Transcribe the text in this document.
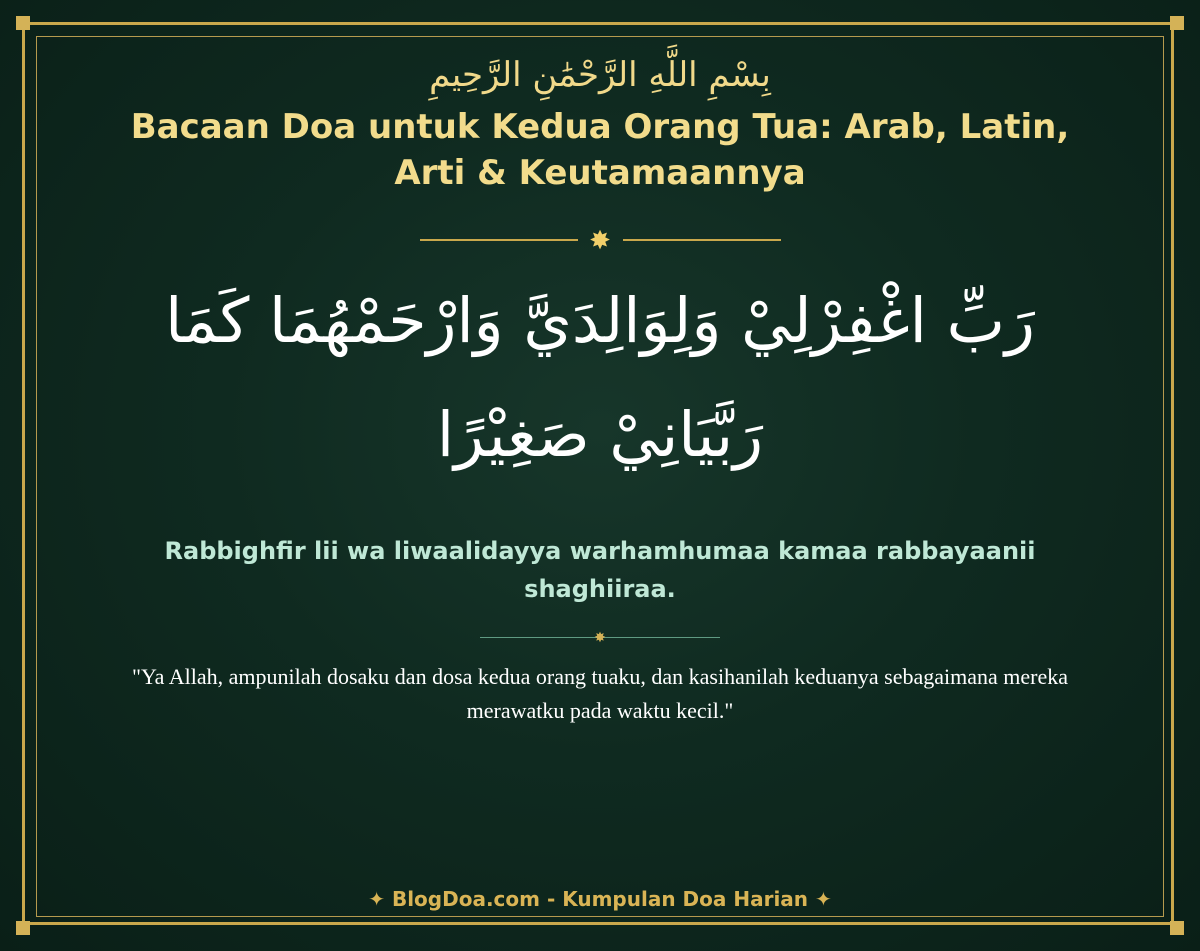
بِسْمِ اللَّهِ الرَّحْمَٰنِ الرَّحِيمِ
Bacaan Doa untuk Kedua Orang Tua: Arab, Latin, Arti & Keutamaannya
✸
رَبِّ اغْفِرْلِيْ وَلِوَالِدَيَّ وَارْحَمْهُمَا كَمَا رَبَّيَانِيْ صَغِيْرًا
Rabbighfir lii wa liwaalidayya warhamhumaa kamaa rabbayaanii shaghiiraa.
✸
"Ya Allah, ampunilah dosaku dan dosa kedua orang tuaku, dan kasihanilah keduanya sebagaimana mereka merawatku pada waktu kecil."
✦ BlogDoa.com - Kumpulan Doa Harian ✦
